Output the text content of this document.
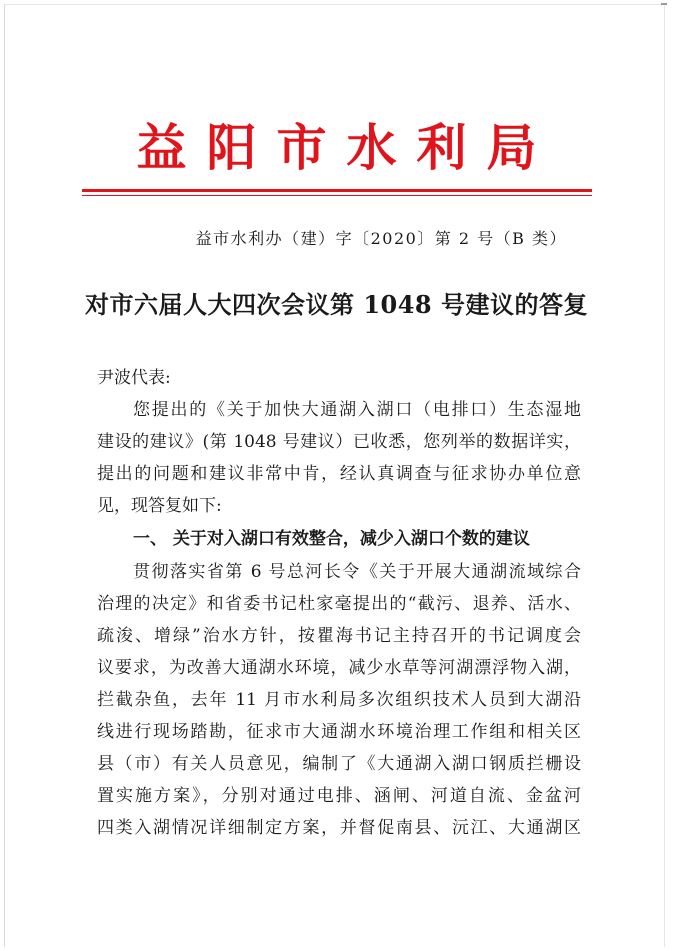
益阳市水利局
益市水利办（建）字〔2020〕第 2 号（B 类）
对市六届人大四次会议第 1048 号建议的答复
尹波代表:
您提出的《关于加快大通湖入湖口（电排口）生态湿地
建设的建议》(第 1048 号建议）已收悉，您列举的数据详实，
提出的问题和建议非常中肯，经认真调查与征求协办单位意
见，现答复如下:
一、 关于对入湖口有效整合，减少入湖口个数的建议
贯彻落实省第 6 号总河长令《关于开展大通湖流域综合
治理的决定》和省委书记杜家毫提出的“截污、退养、活水、
疏浚、增绿”治水方针，按瞿海书记主持召开的书记调度会
议要求，为改善大通湖水环境，减少水草等河湖漂浮物入湖，
拦截杂鱼，去年 11 月市水利局多次组织技术人员到大湖沿
线进行现场踏勘，征求市大通湖水环境治理工作组和相关区
县（市）有关人员意见，编制了《大通湖入湖口钢质拦栅设
置实施方案》，分别对通过电排、涵闸、河道自流、金盆河
四类入湖情况详细制定方案，并督促南县、沅江、大通湖区
